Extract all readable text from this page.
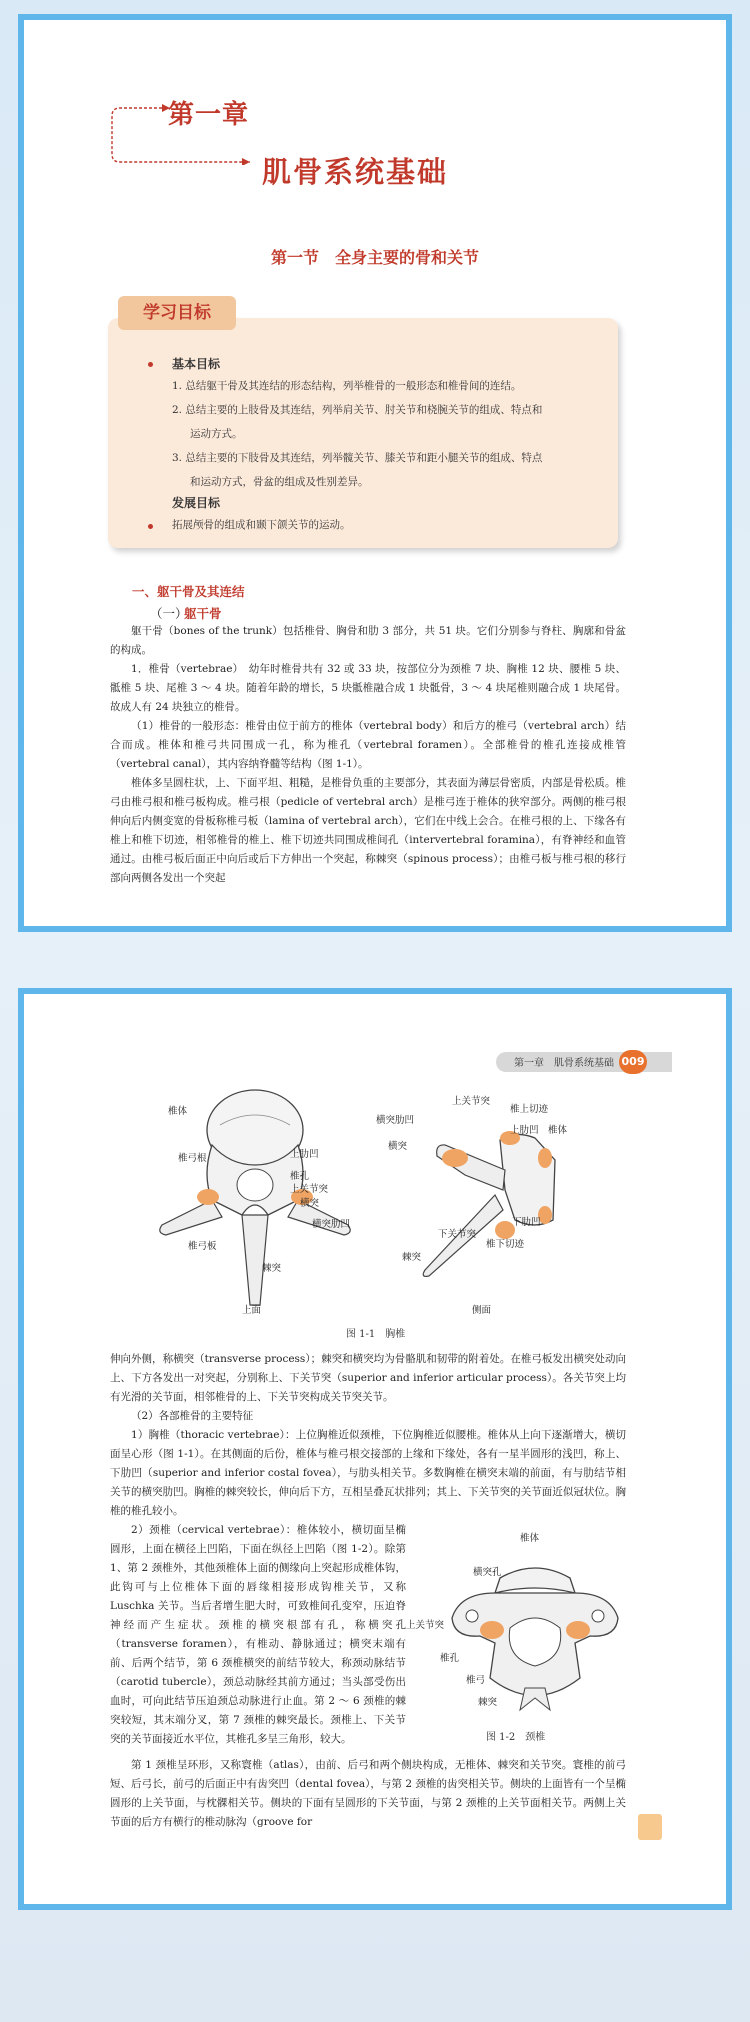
第一章
肌骨系统基础
第一节　全身主要的骨和关节
学习目标
基本目标
1. 总结躯干骨及其连结的形态结构，列举椎骨的一般形态和椎骨间的连结。
2. 总结主要的上肢骨及其连结，列举肩关节、肘关节和桡腕关节的组成、特点和
运动方式。
3. 总结主要的下肢骨及其连结，列举髋关节、膝关节和距小腿关节的组成、特点
和运动方式，骨盆的组成及性别差异。
发展目标
拓展颅骨的组成和颞下颌关节的运动。
一、躯干骨及其连结
（一）
躯干骨
躯干骨（bones of the trunk）包括椎骨、胸骨和肋 3 部分，共 51 块。它们分别参与脊柱、胸廓和骨盆的构成。
1．椎骨（vertebrae）　幼年时椎骨共有 32 或 33 块，按部位分为颈椎 7 块、胸椎 12 块、腰椎 5 块、骶椎 5 块、尾椎 3 ～ 4 块。随着年龄的增长，5 块骶椎融合成 1 块骶骨，3 ～ 4 块尾椎则融合成 1 块尾骨。故成人有 24 块独立的椎骨。
（1）椎骨的一般形态：椎骨由位于前方的椎体（vertebral body）和后方的椎弓（vertebral arch）结合而成。椎体和椎弓共同围成一孔，称为椎孔（vertebral foramen）。全部椎骨的椎孔连接成椎管（vertebral canal），其内容纳脊髓等结构（图 1-1）。
椎体多呈圆柱状，上、下面平坦、粗糙，是椎骨负重的主要部分，其表面为薄层骨密质，内部是骨松质。椎弓由椎弓根和椎弓板构成。椎弓根（pedicle of vertebral arch）是椎弓连于椎体的狭窄部分。两侧的椎弓根伸向后内侧变宽的骨板称椎弓板（lamina of vertebral arch），它们在中线上会合。在椎弓根的上、下缘各有椎上和椎下切迹，相邻椎骨的椎上、椎下切迹共同围成椎间孔（intervertebral foramina），有脊神经和血管通过。由椎弓板后面正中向后或后下方伸出一个突起，称棘突（spinous process）；由椎弓板与椎弓根的移行部向两侧各发出一个突起
第一章　肌骨系统基础 009
椎体
椎弓根	上肋凹
椎孔
上关节突
横突
横突肋凹
椎弓板
棘突
上面
上关节突
椎上切迹
横突肋凹
上肋凹 椎体
横突
下肋凹
下关节突
椎下切迹
棘突
侧面
图 1-1　胸椎
伸向外侧，称横突（transverse process）；棘突和横突均为骨骼肌和韧带的附着处。在椎弓板发出横突处动向上、下方各发出一对突起，分别称上、下关节突（superior and inferior articular process）。各关节突上均有光滑的关节面，相邻椎骨的上、下关节突构成关节突关节。
（2）各部椎骨的主要特征
1）胸椎（thoracic vertebrae）：上位胸椎近似颈椎，下位胸椎近似腰椎。椎体从上向下逐渐增大，横切面呈心形（图 1-1）。在其侧面的后份，椎体与椎弓根交接部的上缘和下缘处，各有一星半圆形的浅凹，称上、下肋凹（superior and inferior costal fovea），与肋头相关节。多数胸椎在横突末端的前面，有与肋结节相关节的横突肋凹。胸椎的棘突较长，伸向后下方，互相呈叠瓦状排列；其上、下关节突的关节面近似冠状位。胸椎的椎孔较小。
2）颈椎（cervical vertebrae）：椎体较小，横切面呈椭圆形，上面在横径上凹陷，下面在纵径上凹陷（图 1-2）。除第 1、第 2 颈椎外，其他颈椎体上面的侧缘向上突起形成椎体钩，此钩可与上位椎体下面的唇缘相接形成钩椎关节，又称 Luschka 关节。当后者增生肥大时，可致椎间孔变窄，压迫脊神经而产生症状。颈椎的横突根部有孔，称横突孔（transverse foramen），有椎动、静脉通过；横突末端有前、后两个结节，第 6 颈椎横突的前结节较大，称颈动脉结节（carotid tubercle），颈总动脉经其前方通过；当头部受伤出血时，可向此结节压迫颈总动脉进行止血。第 2 ～ 6 颈椎的棘突较短，其末端分叉，第 7 颈椎的棘突最长。颈椎上、下关节突的关节面接近水平位，其椎孔多呈三角形，较大。
椎体
横突孔
上关节突
椎孔
椎弓
棘突
图 1-2　颈椎
第 1 颈椎呈环形，又称寰椎（atlas），由前、后弓和两个侧块构成，无椎体、棘突和关节突。寰椎的前弓短、后弓长，前弓的后面正中有齿突凹（dental fovea），与第 2 颈椎的齿突相关节。侧块的上面皆有一个呈椭圆形的上关节面，与枕髁相关节。侧块的下面有呈圆形的下关节面，与第 2 颈椎的上关节面相关节。两侧上关节面的后方有横行的椎动脉沟（groove for
